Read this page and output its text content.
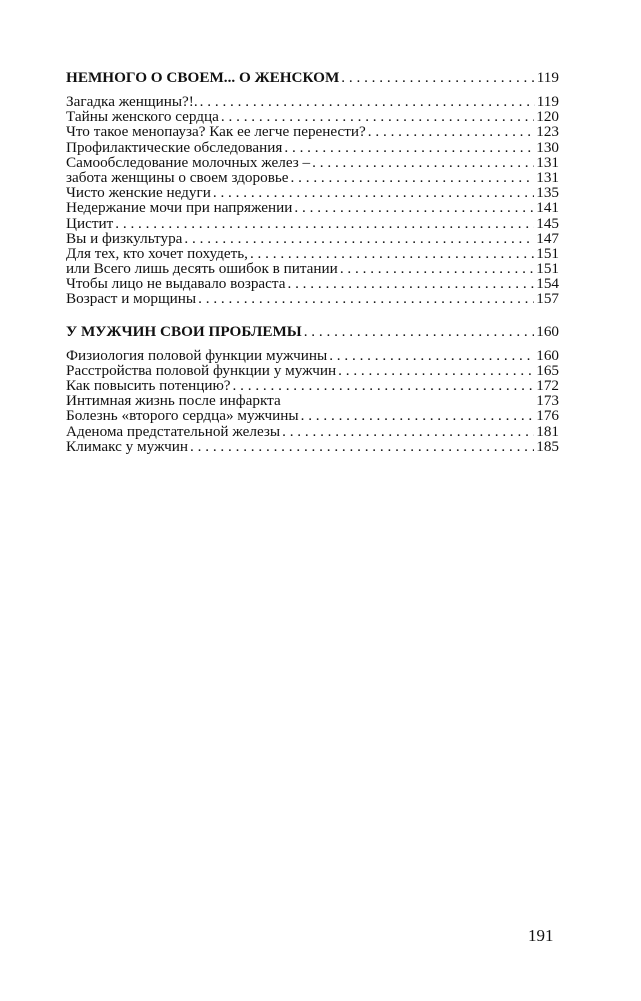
НЕМНОГО О СВОЕМ... О ЖЕНСКОМ . . .	119
Загадка женщины?!. . . .	119
Тайны женского сердца . . .	120
Что такое менопауза? Как ее легче перенести? . . .	123
Профилактические обследования . . .	130
Самообследование молочных желез – . . .	131
забота женщины о своем здоровье . . .	131
Чисто женские недуги . . .	135
Недержание мочи при напряжении . . .	141
Цистит . . .	145
Вы и физкультура . . .	147
Для тех, кто хочет похудеть, . . .	151
или Всего лишь десять ошибок в питании . . .	151
Чтобы лицо не выдавало возраста . . .	154
Возраст и морщины . . .	157
У МУЖЧИН СВОИ ПРОБЛЕМЫ . . .	160
Физиология половой функции мужчины . . .	160
Расстройства половой функции у мужчин . . .	165
Как повысить потенцию? . . .	172
Интимная жизнь после инфаркта	173
Болезнь «второго сердца» мужчины . . .	176
Аденома предстательной железы . . .	181
Климакс у мужчин . . .	185
191
